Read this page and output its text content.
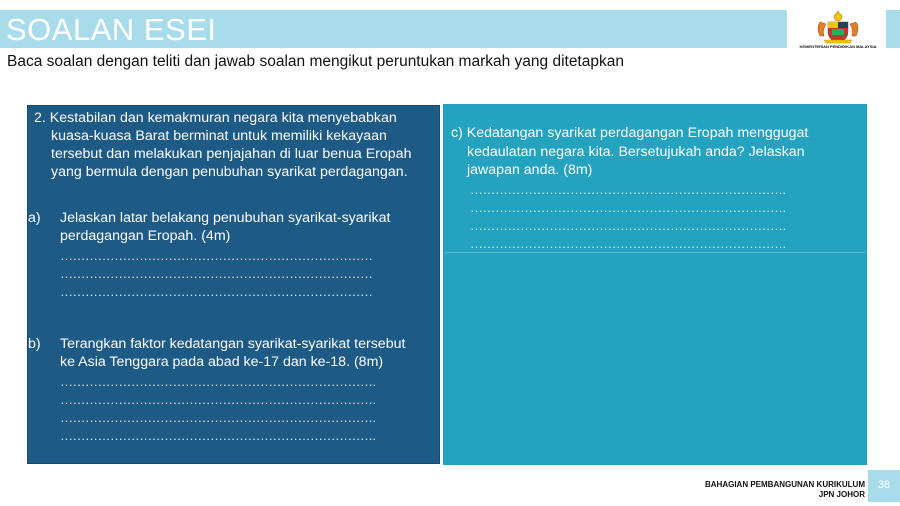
SOALAN ESEI	KEMENTERIAN PENDIDIKAN MALAYSIA
Baca soalan dengan teliti dan jawab soalan mengikut peruntukan markah yang ditetapkan
2. Kestabilan dan kemakmuran negara kita menyebabkan
kuasa-kuasa Barat berminat untuk memiliki kekayaan
tersebut dan melakukan penjajahan di luar benua Eropah
yang bermula dengan penubuhan syarikat perdagangan.
a) Jelaskan latar belakang penubuhan syarikat-syarikat
perdagangan Eropah. (4m)
…………………………………………………………………
…………………………………………………………………
…………………………………………………………………
b) Terangkan faktor kedatangan syarikat-syarikat tersebut
ke Asia Tenggara pada abad ke-17 dan ke-18. (8m)
………………………………………………………………….
………………………………………………………………….
………………………………………………………………….
………………………………………………………………….
c) Kedatangan syarikat perdagangan Eropah menggugat
kedaulatan negara kita. Bersetujukah anda? Jelaskan
jawapan anda. (8m)
………………………………………………………………….
………………………………………………………………….
………………………………………………………………….
………………………………………………………………….
BAHAGIAN PEMBANGUNAN KURIKULUM
JPN JOHOR
38
